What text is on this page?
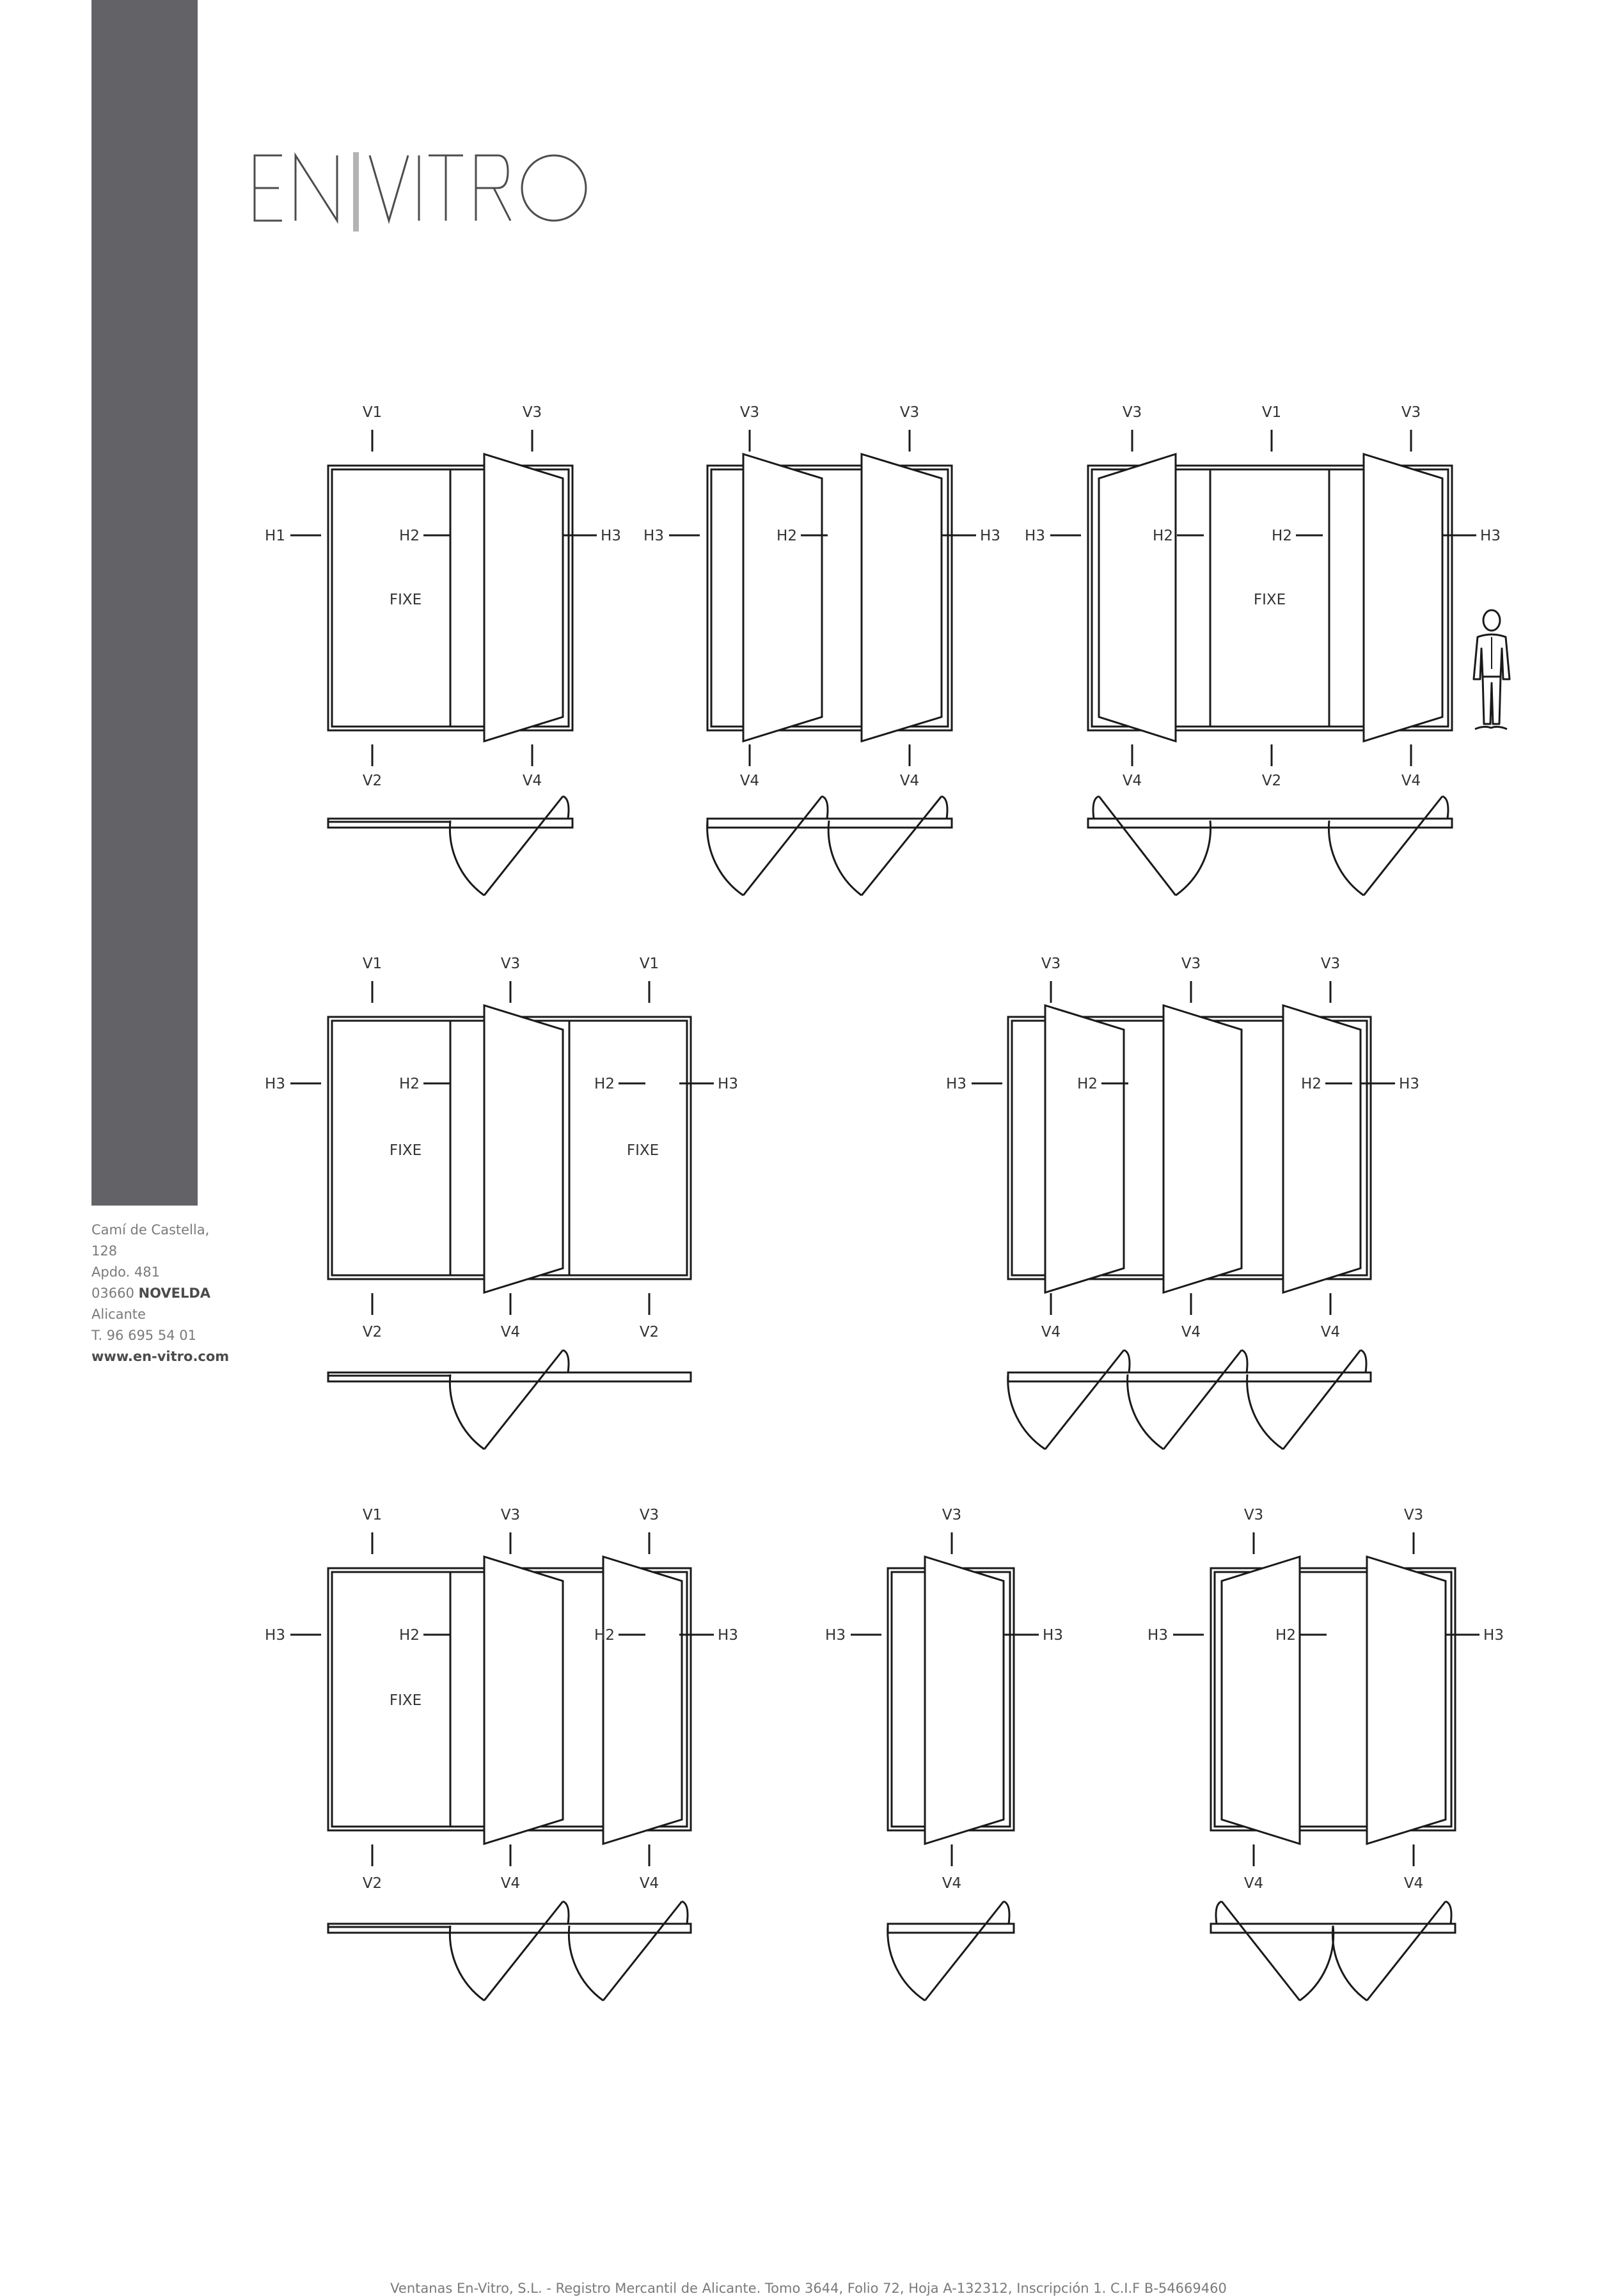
Camí de Castella,
128
Apdo. 481
03660 NOVELDA
Alicante
T. 96 695 54 01
www.en-vitro.com
V1
V2
V3
V4
H1	H3
H2
FIXE
V3
V4
V3
V4
H3	H3
H2
V3
V4
V1
V2
V3
V4
H3	H3
H2	H2
FIXE
V1
V2
V3
V4
V1
V2
H3	H3
H2	H2
FIXE	FIXE
V3
V4
V3
V4
V3
V4
H3	H3
H2	H2
V1
V2
V3
V4
V3
V4
H3	H3
H2	H2
FIXE
V3
V4
H3	H3
V3
V4
V3
V4
H3	H3
H2
Ventanas En-Vitro, S.L. - Registro Mercantil de Alicante. Tomo 3644, Folio 72, Hoja A-132312, Inscripción 1. C.I.F B-54669460
